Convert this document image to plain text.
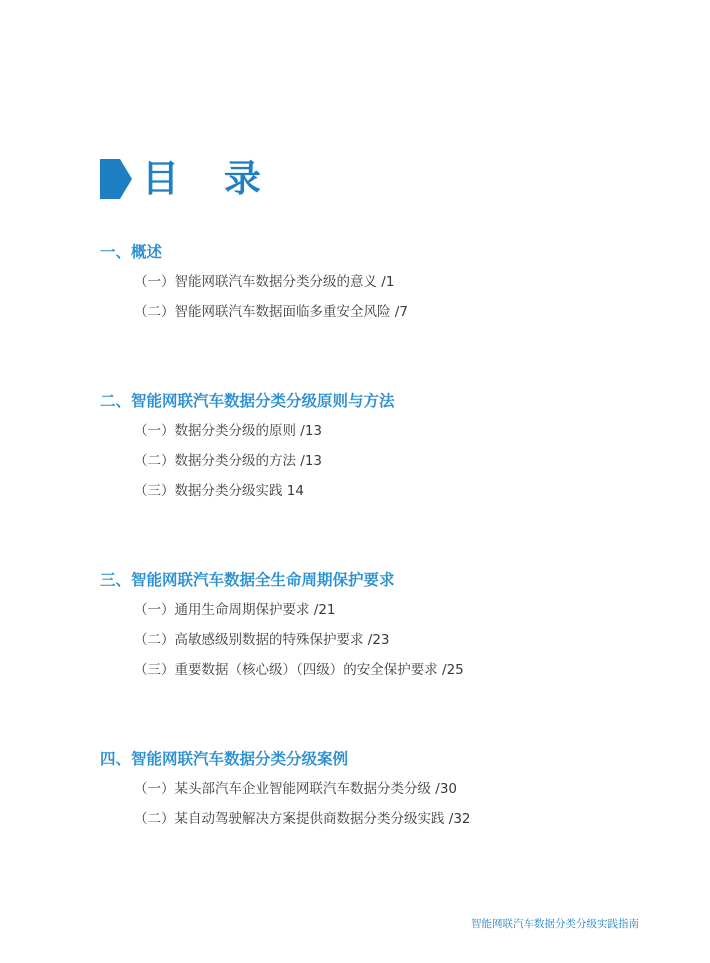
目 录
一、概述
（一）智能网联汽车数据分类分级的意义 /1
（二）智能网联汽车数据面临多重安全风险 /7
二、智能网联汽车数据分类分级原则与方法
（一）数据分类分级的原则 /13
（二）数据分类分级的方法 /13
（三）数据分类分级实践 14
三、智能网联汽车数据全生命周期保护要求
（一）通用生命周期保护要求 /21
（二）高敏感级别数据的特殊保护要求 /23
（三）重要数据（核心级）（四级）的安全保护要求 /25
四、智能网联汽车数据分类分级案例
（一）某头部汽车企业智能网联汽车数据分类分级 /30
（二）某自动驾驶解决方案提供商数据分类分级实践 /32
智能网联汽车数据分类分级实践指南
